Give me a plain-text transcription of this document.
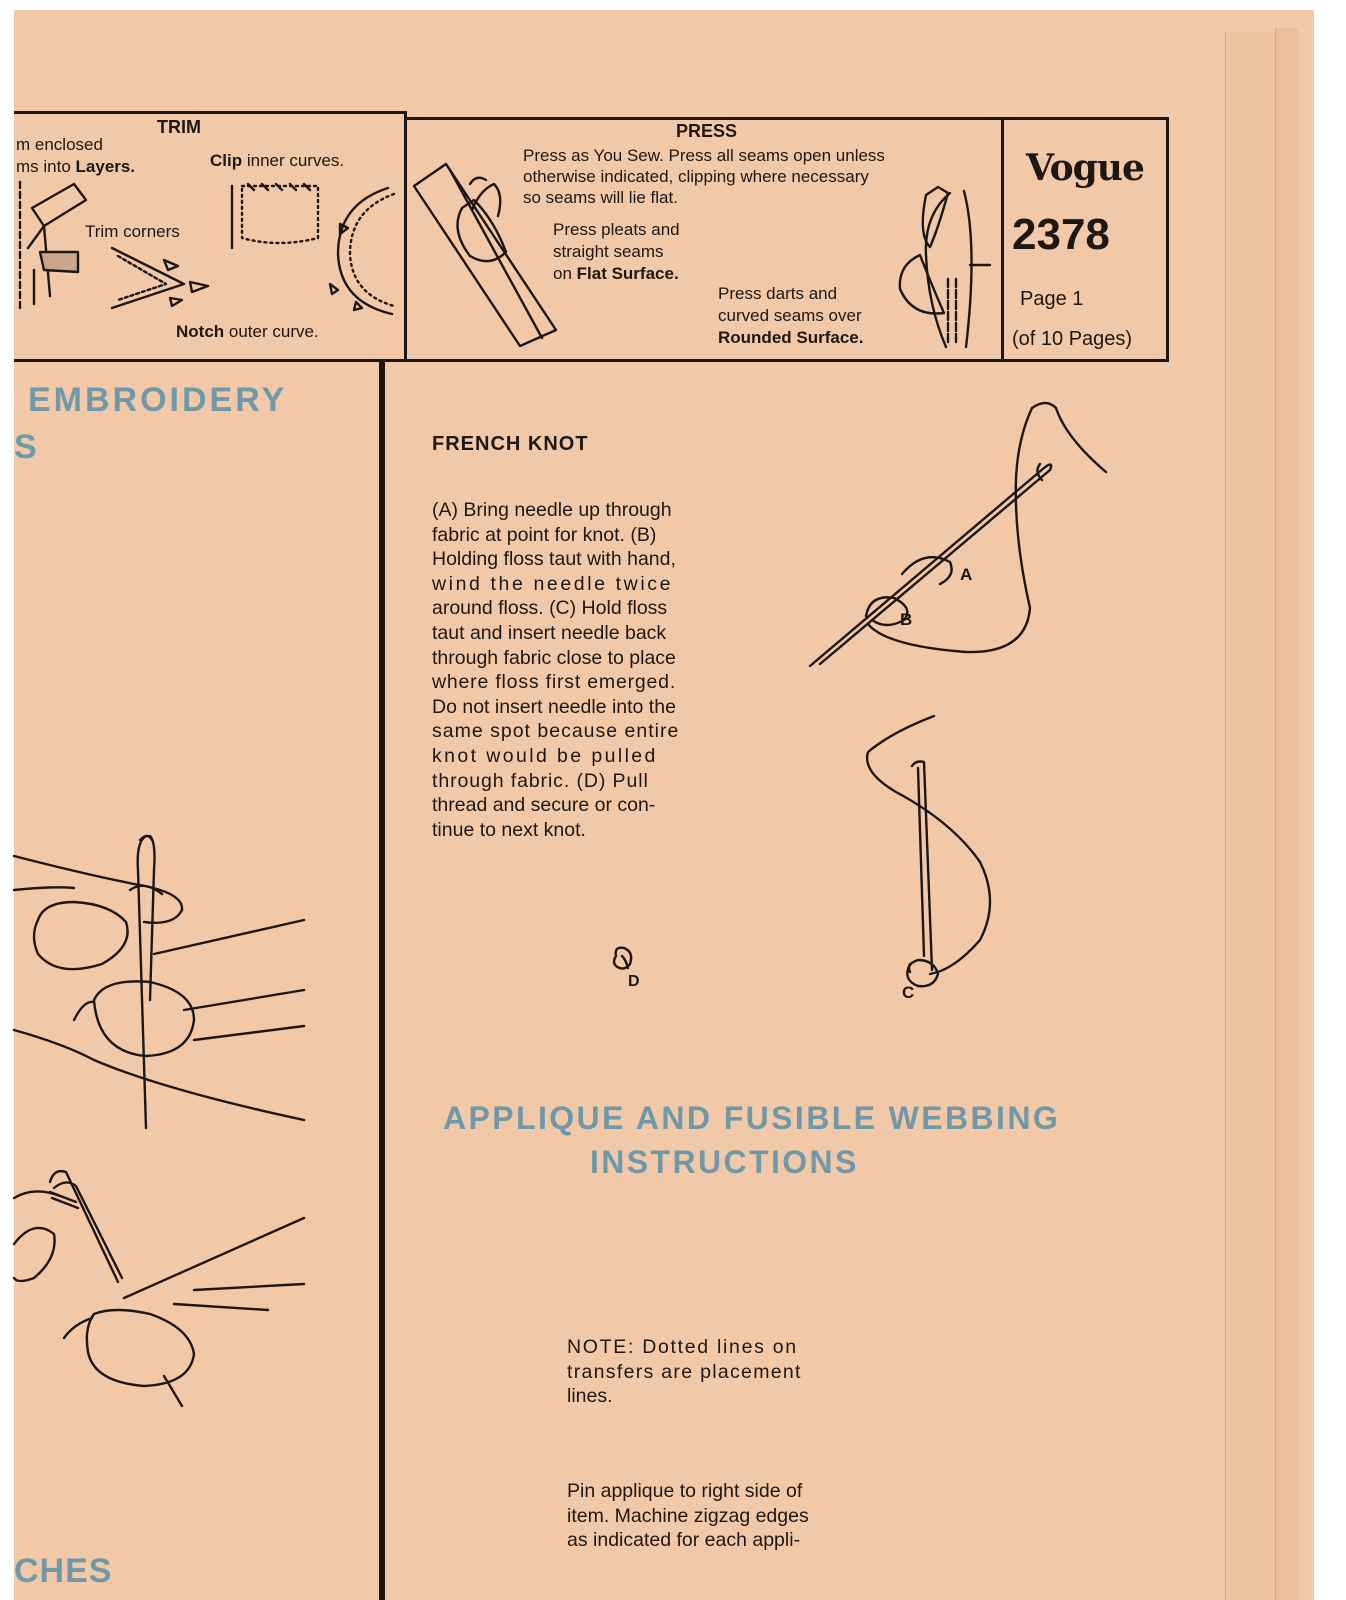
TRIM
m enclosed
ms into Layers.	Clip inner curves.
Trim corners
Notch outer curve.
PRESS
Press as You Sew. Press all seams open unless
otherwise indicated, clipping where necessary
so seams will lie flat.
Press pleats and
straight seams
on Flat Surface.
Press darts and
curved seams over
Rounded Surface.
Vogue
2378
Page 1
(of 10 Pages)
EMBROIDERY
S
CHES
FRENCH KNOT
(A) Bring needle up through
fabric at point for knot. (B)
Holding floss taut with hand,
wind the needle twice
around floss. (C) Hold floss
taut and insert needle back
through fabric close to place
where floss first emerged.
Do not insert needle into the
same spot because entire
knot would be pulled
through fabric. (D) Pull
thread and secure or con-
tinue to next knot.
A
B
C
D
APPLIQUE AND FUSIBLE WEBBING
INSTRUCTIONS
NOTE: Dotted lines on
transfers are placement
lines.
Pin applique to right side of
item. Machine zigzag edges
as indicated for each appli-
